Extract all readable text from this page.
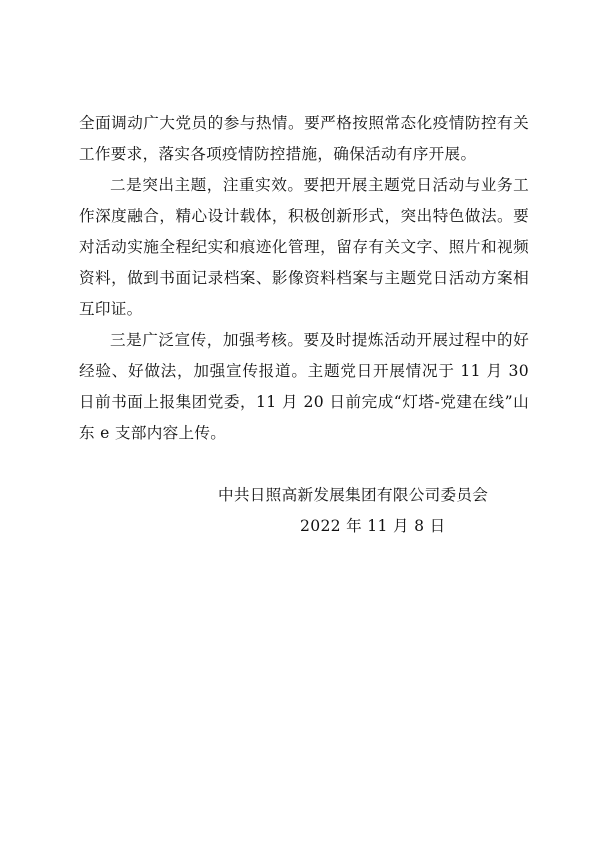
全面调动广大党员的参与热情。要严格按照常态化疫情防控有关工作要求，落实各项疫情防控措施，确保活动有序开展。

二是突出主题，注重实效。要把开展主题党日活动与业务工作深度融合，精心设计载体，积极创新形式，突出特色做法。要对活动实施全程纪实和痕迹化管理，留存有关文字、照片和视频资料，做到书面记录档案、影像资料档案与主题党日活动方案相互印证。

三是广泛宣传，加强考核。要及时提炼活动开展过程中的好经验、好做法，加强宣传报道。主题党日开展情况于 11 月 30 日前书面上报集团党委，11 月 20 日前完成“灯塔-党建在线”山东 e 支部内容上传。

中共日照高新发展集团有限公司委员会
2022 年 11 月 8 日
